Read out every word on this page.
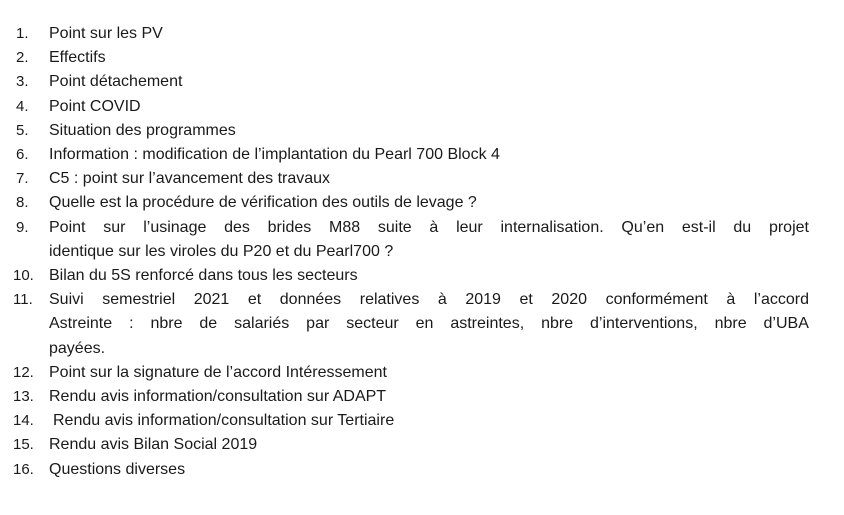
1.	Point sur les PV
2.	Effectifs
3.	Point détachement
4.	Point COVID
5.	Situation des programmes
6.	Information : modification de l’implantation du Pearl 700 Block 4
7.	C5 : point sur l’avancement des travaux
8.	Quelle est la procédure de vérification des outils de levage ?
9.	Point sur l’usinage des brides M88 suite à leur internalisation. Qu’en est-il du projet
identique sur les viroles du P20 et du Pearl700 ?
10. Bilan du 5S renforcé dans tous les secteurs
11.	Suivi semestriel 2021 et données relatives à 2019 et 2020 conformément à l’accord
Astreinte : nbre de salariés par secteur en astreintes, nbre d’interventions, nbre d’UBA
payées.
12. Point sur la signature de l’accord Intéressement
13. Rendu avis information/consultation sur ADAPT
14.	Rendu avis information/consultation sur Tertiaire
15. Rendu avis Bilan Social 2019
16. Questions diverses
